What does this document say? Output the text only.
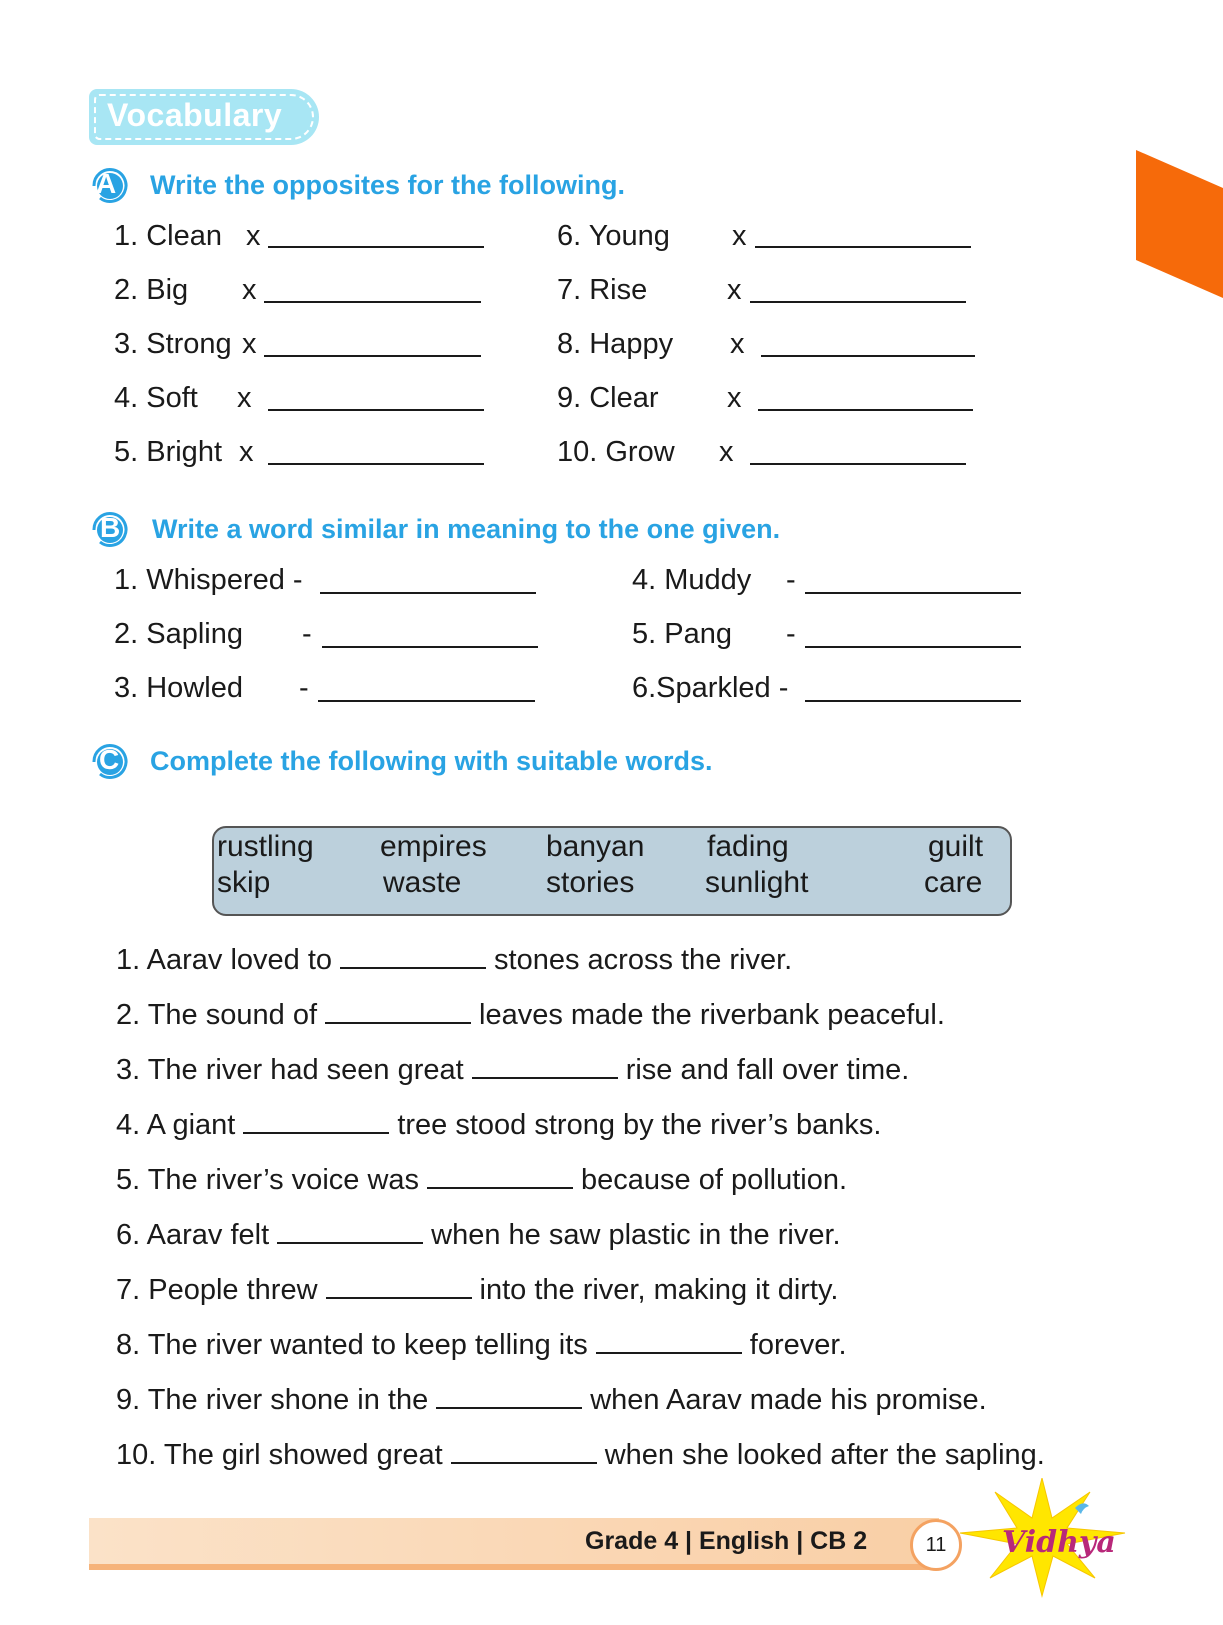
Vocabulary
A Write the opposites for the following.
1. Clean x
2. Big x
3. Strong x
4. Soft x
5. Bright x
6. Young x
7. Rise	x
8. Happy x
9. Clear x
10. Grow x
B Write a word similar in meaning to the one given.
1. Whispered -
2. Sapling -
3. Howled -
4. Muddy -
5. Pang -
6.Sparkled -
C Complete the following with suitable words.
rustling empires banyan fading	guilt
skip	waste	stories sunlight	care
1. Aarav loved to	stones across the river.
2. The sound of	leaves made the riverbank peaceful.
3. The river had seen great	rise and fall over time.
4. A giant	tree stood strong by the river’s banks.
5. The river’s voice was	because of pollution.
6. Aarav felt	when he saw plastic in the river.
7. People threw	into the river, making it dirty.
8. The river wanted to keep telling its	forever.
9. The river shone in the	when Aarav made his promise.
10. The girl showed great	when she looked after the sapling.
Grade 4 | English | CB 2	11	Vidhya
